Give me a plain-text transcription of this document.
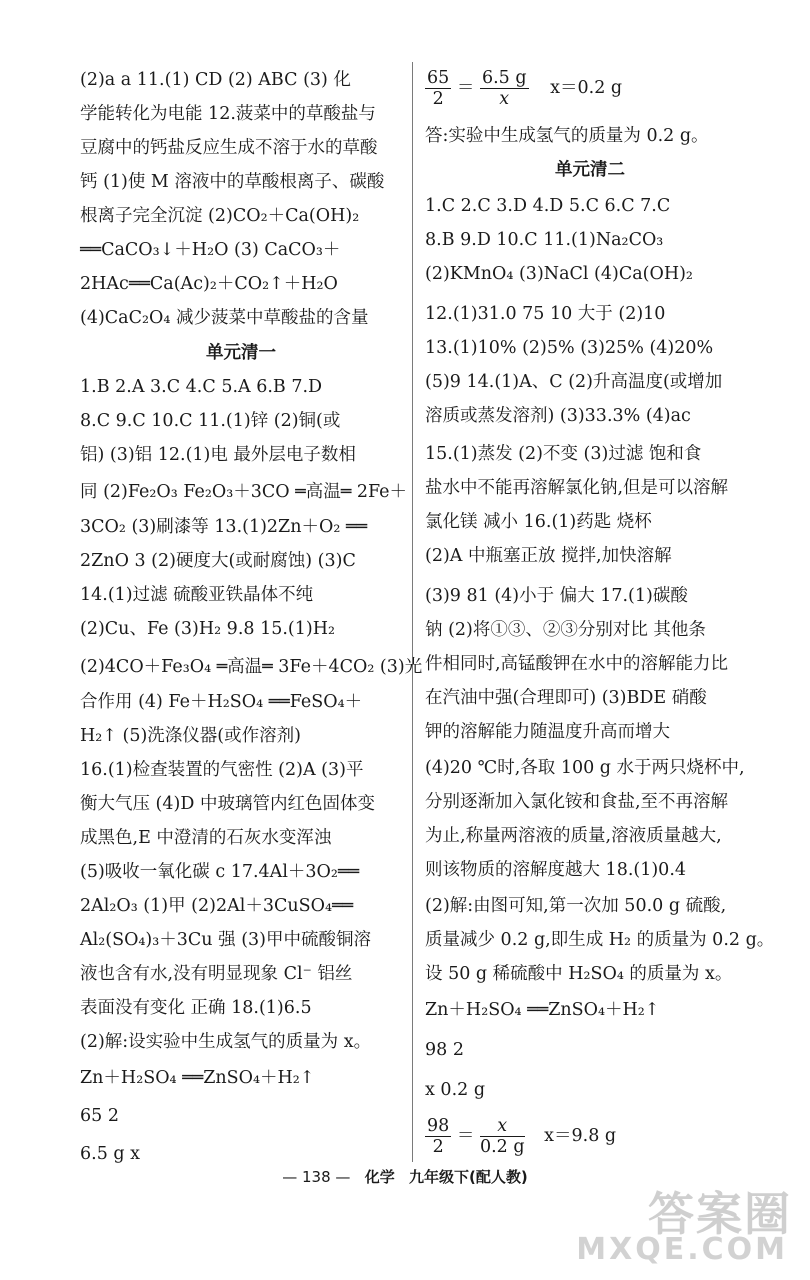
(2)a a 11.(1) CD (2) ABC (3) 化
学能转化为电能 12.菠菜中的草酸盐与
豆腐中的钙盐反应生成不溶于水的草酸
钙 (1)使 M 溶液中的草酸根离子、碳酸
根离子完全沉淀 (2)CO₂＋Ca(OH)₂
══CaCO₃↓＋H₂O (3) CaCO₃＋
2HAc══Ca(Ac)₂＋CO₂↑＋H₂O
(4)CaC₂O₄ 减少菠菜中草酸盐的含量
单元清一
1.B 2.A 3.C 4.C 5.A 6.B 7.D
8.C 9.C 10.C 11.(1)锌 (2)铜(或
铝) (3)铝 12.(1)电 最外层电子数相
同 (2)Fe₂O₃ Fe₂O₃＋3CO ═高温═ 2Fe＋
3CO₂ (3)刷漆等 13.(1)2Zn＋O₂ ══
2ZnO 3 (2)硬度大(或耐腐蚀) (3)C
14.(1)过滤 硫酸亚铁晶体不纯
(2)Cu、Fe (3)H₂ 9.8 15.(1)H₂
(2)4CO＋Fe₃O₄ ═高温═ 3Fe＋4CO₂ (3)光
合作用 (4) Fe＋H₂SO₄ ══FeSO₄＋
H₂↑ (5)洗涤仪器(或作溶剂)
16.(1)检查装置的气密性 (2)A (3)平
衡大气压 (4)D 中玻璃管内红色固体变
成黑色,E 中澄清的石灰水变浑浊
(5)吸收一氧化碳 c 17.4Al＋3O₂══
2Al₂O₃ (1)甲 (2)2Al＋3CuSO₄══
Al₂(SO₄)₃＋3Cu 强 (3)甲中硫酸铜溶
液也含有水,没有明显现象 Cl⁻ 铝丝
表面没有变化 正确 18.(1)6.5
(2)解:设实验中生成氢气的质量为 x。
Zn＋H₂SO₄ ══ZnSO₄＋H₂↑
65 2
6.5 g x
$\frac{65}{2} = \frac{6.5 g}{x} x=0.2$ g
答:实验中生成氢气的质量为 0.2 g。
单元清二
1.C 2.C 3.D 4.D 5.C 6.C 7.C
8.B 9.D 10.C 11.(1)Na₂CO₃
(2)KMnO₄ (3)NaCl (4)Ca(OH)₂
12.(1)31.0 75 10 大于 (2)10
13.(1)10% (2)5% (3)25% (4)20%
(5)9 14.(1)A、C (2)升高温度(或增加
溶质或蒸发溶剂) (3)33.3% (4)ac
15.(1)蒸发 (2)不变 (3)过滤 饱和食
盐水中不能再溶解氯化钠,但是可以溶解
氯化镁 减小 16.(1)药匙 烧杯
(2)A 中瓶塞正放 搅拌,加快溶解
(3)9 81 (4)小于 偏大 17.(1)碳酸
钠 (2)将①③、②③分别对比 其他条
件相同时,高锰酸钾在水中的溶解能力比
在汽油中强(合理即可) (3)BDE 硝酸
钾的溶解能力随温度升高而增大
(4)20 ℃时,各取 100 g 水于两只烧杯中,
分别逐渐加入氯化铵和食盐,至不再溶解
为止,称量两溶液的质量,溶液质量越大,
则该物质的溶解度越大 18.(1)0.4
(2)解:由图可知,第一次加 50.0 g 硫酸,
质量减少 0.2 g,即生成 H₂ 的质量为 0.2 g。
设 50 g 稀硫酸中 H₂SO₄ 的质量为 x。
Zn＋H₂SO₄ ══ZnSO₄＋H₂↑
98 2
x 0.2 g
$\frac{98}{2} = \frac{x}{0.2 g} x=9.8$ g
— 138 — 化学 九年级下(配人教)
答案圈
MXQE.COM
